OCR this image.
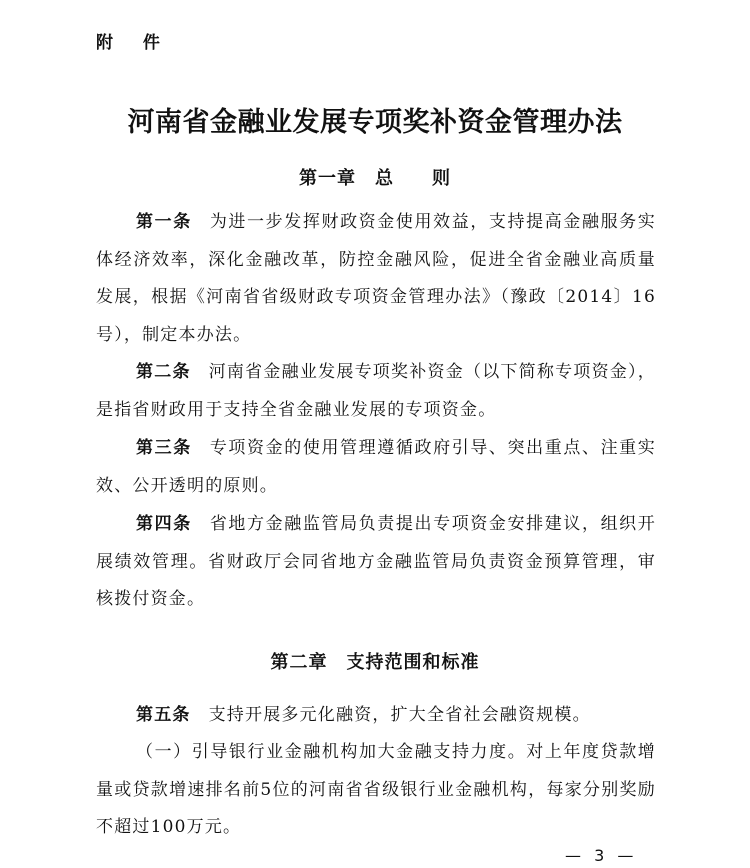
附 件
河南省金融业发展专项奖补资金管理办法
第一章　总　　则

第一条 为进一步发挥财政资金使用效益，支持提高金融服务实体经济效率，深化金融改革，防控金融风险，促进全省金融业高质量发展，根据《河南省省级财政专项资金管理办法》（豫政〔2014〕16号），制定本办法。

第二条 河南省金融业发展专项奖补资金（以下简称专项资金），是指省财政用于支持全省金融业发展的专项资金。

第三条 专项资金的使用管理遵循政府引导、突出重点、注重实效、公开透明的原则。

第四条 省地方金融监管局负责提出专项资金安排建议，组织开展绩效管理。省财政厅会同省地方金融监管局负责资金预算管理，审核拨付资金。

第二章　支持范围和标准

第五条 支持开展多元化融资，扩大全省社会融资规模。

（一）引导银行业金融机构加大金融支持力度。对上年度贷款增量或贷款增速排名前5位的河南省省级银行业金融机构，每家分别奖励不超过100万元。

— 3 —
